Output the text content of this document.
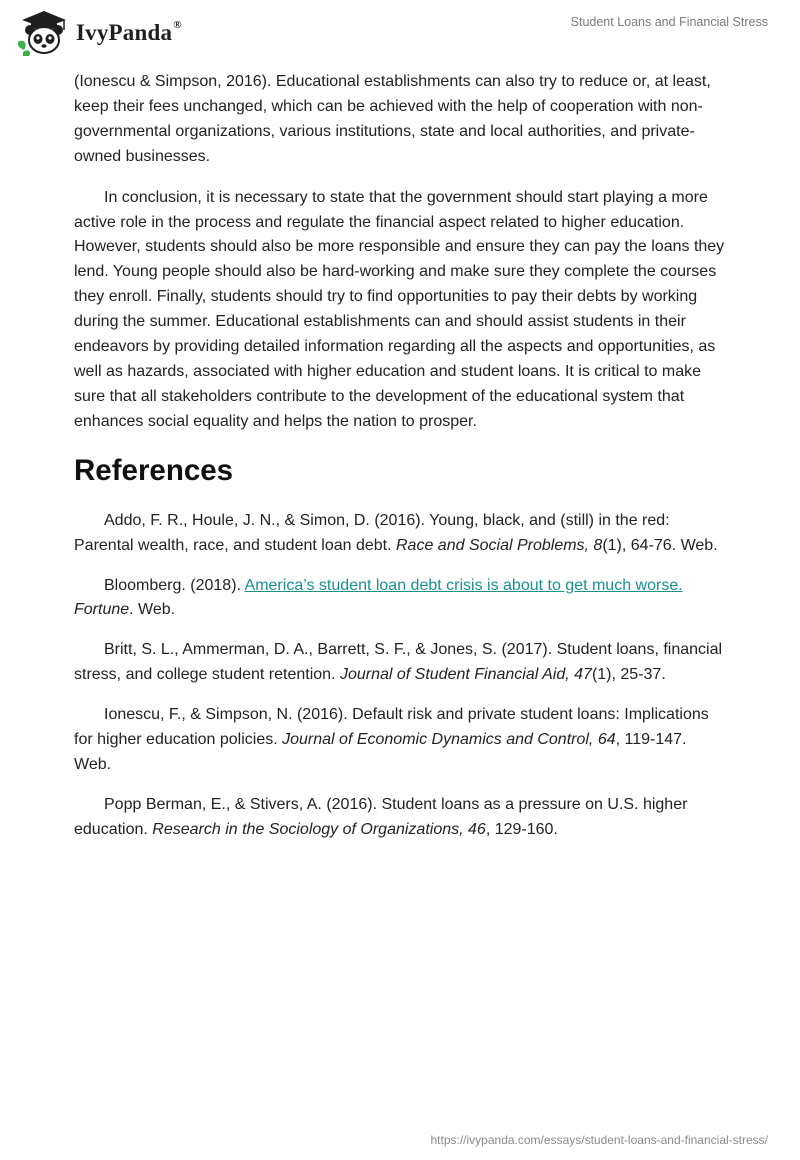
IvyPanda®	Student Loans and Financial Stress

(Ionescu & Simpson, 2016). Educational establishments can also try to reduce or, at least, keep their fees unchanged, which can be achieved with the help of cooperation with non-governmental organizations, various institutions, state and local authorities, and private-owned businesses.

In conclusion, it is necessary to state that the government should start playing a more active role in the process and regulate the financial aspect related to higher education. However, students should also be more responsible and ensure they can pay the loans they lend. Young people should also be hard-working and make sure they complete the courses they enroll. Finally, students should try to find opportunities to pay their debts by working during the summer. Educational establishments can and should assist students in their endeavors by providing detailed information regarding all the aspects and opportunities, as well as hazards, associated with higher education and student loans. It is critical to make sure that all stakeholders contribute to the development of the educational system that enhances social equality and helps the nation to prosper.

References

Addo, F. R., Houle, J. N., & Simon, D. (2016). Young, black, and (still) in the red: Parental wealth, race, and student loan debt. Race and Social Problems, 8(1), 64-76. Web.

Bloomberg. (2018). America’s student loan debt crisis is about to get much worse. Fortune. Web.

Britt, S. L., Ammerman, D. A., Barrett, S. F., & Jones, S. (2017). Student loans, financial stress, and college student retention. Journal of Student Financial Aid, 47(1), 25-37.

Ionescu, F., & Simpson, N. (2016). Default risk and private student loans: Implications for higher education policies. Journal of Economic Dynamics and Control, 64, 119-147. Web.

Popp Berman, E., & Stivers, A. (2016). Student loans as a pressure on U.S. higher education. Research in the Sociology of Organizations, 46, 129-160.

https://ivypanda.com/essays/student-loans-and-financial-stress/
